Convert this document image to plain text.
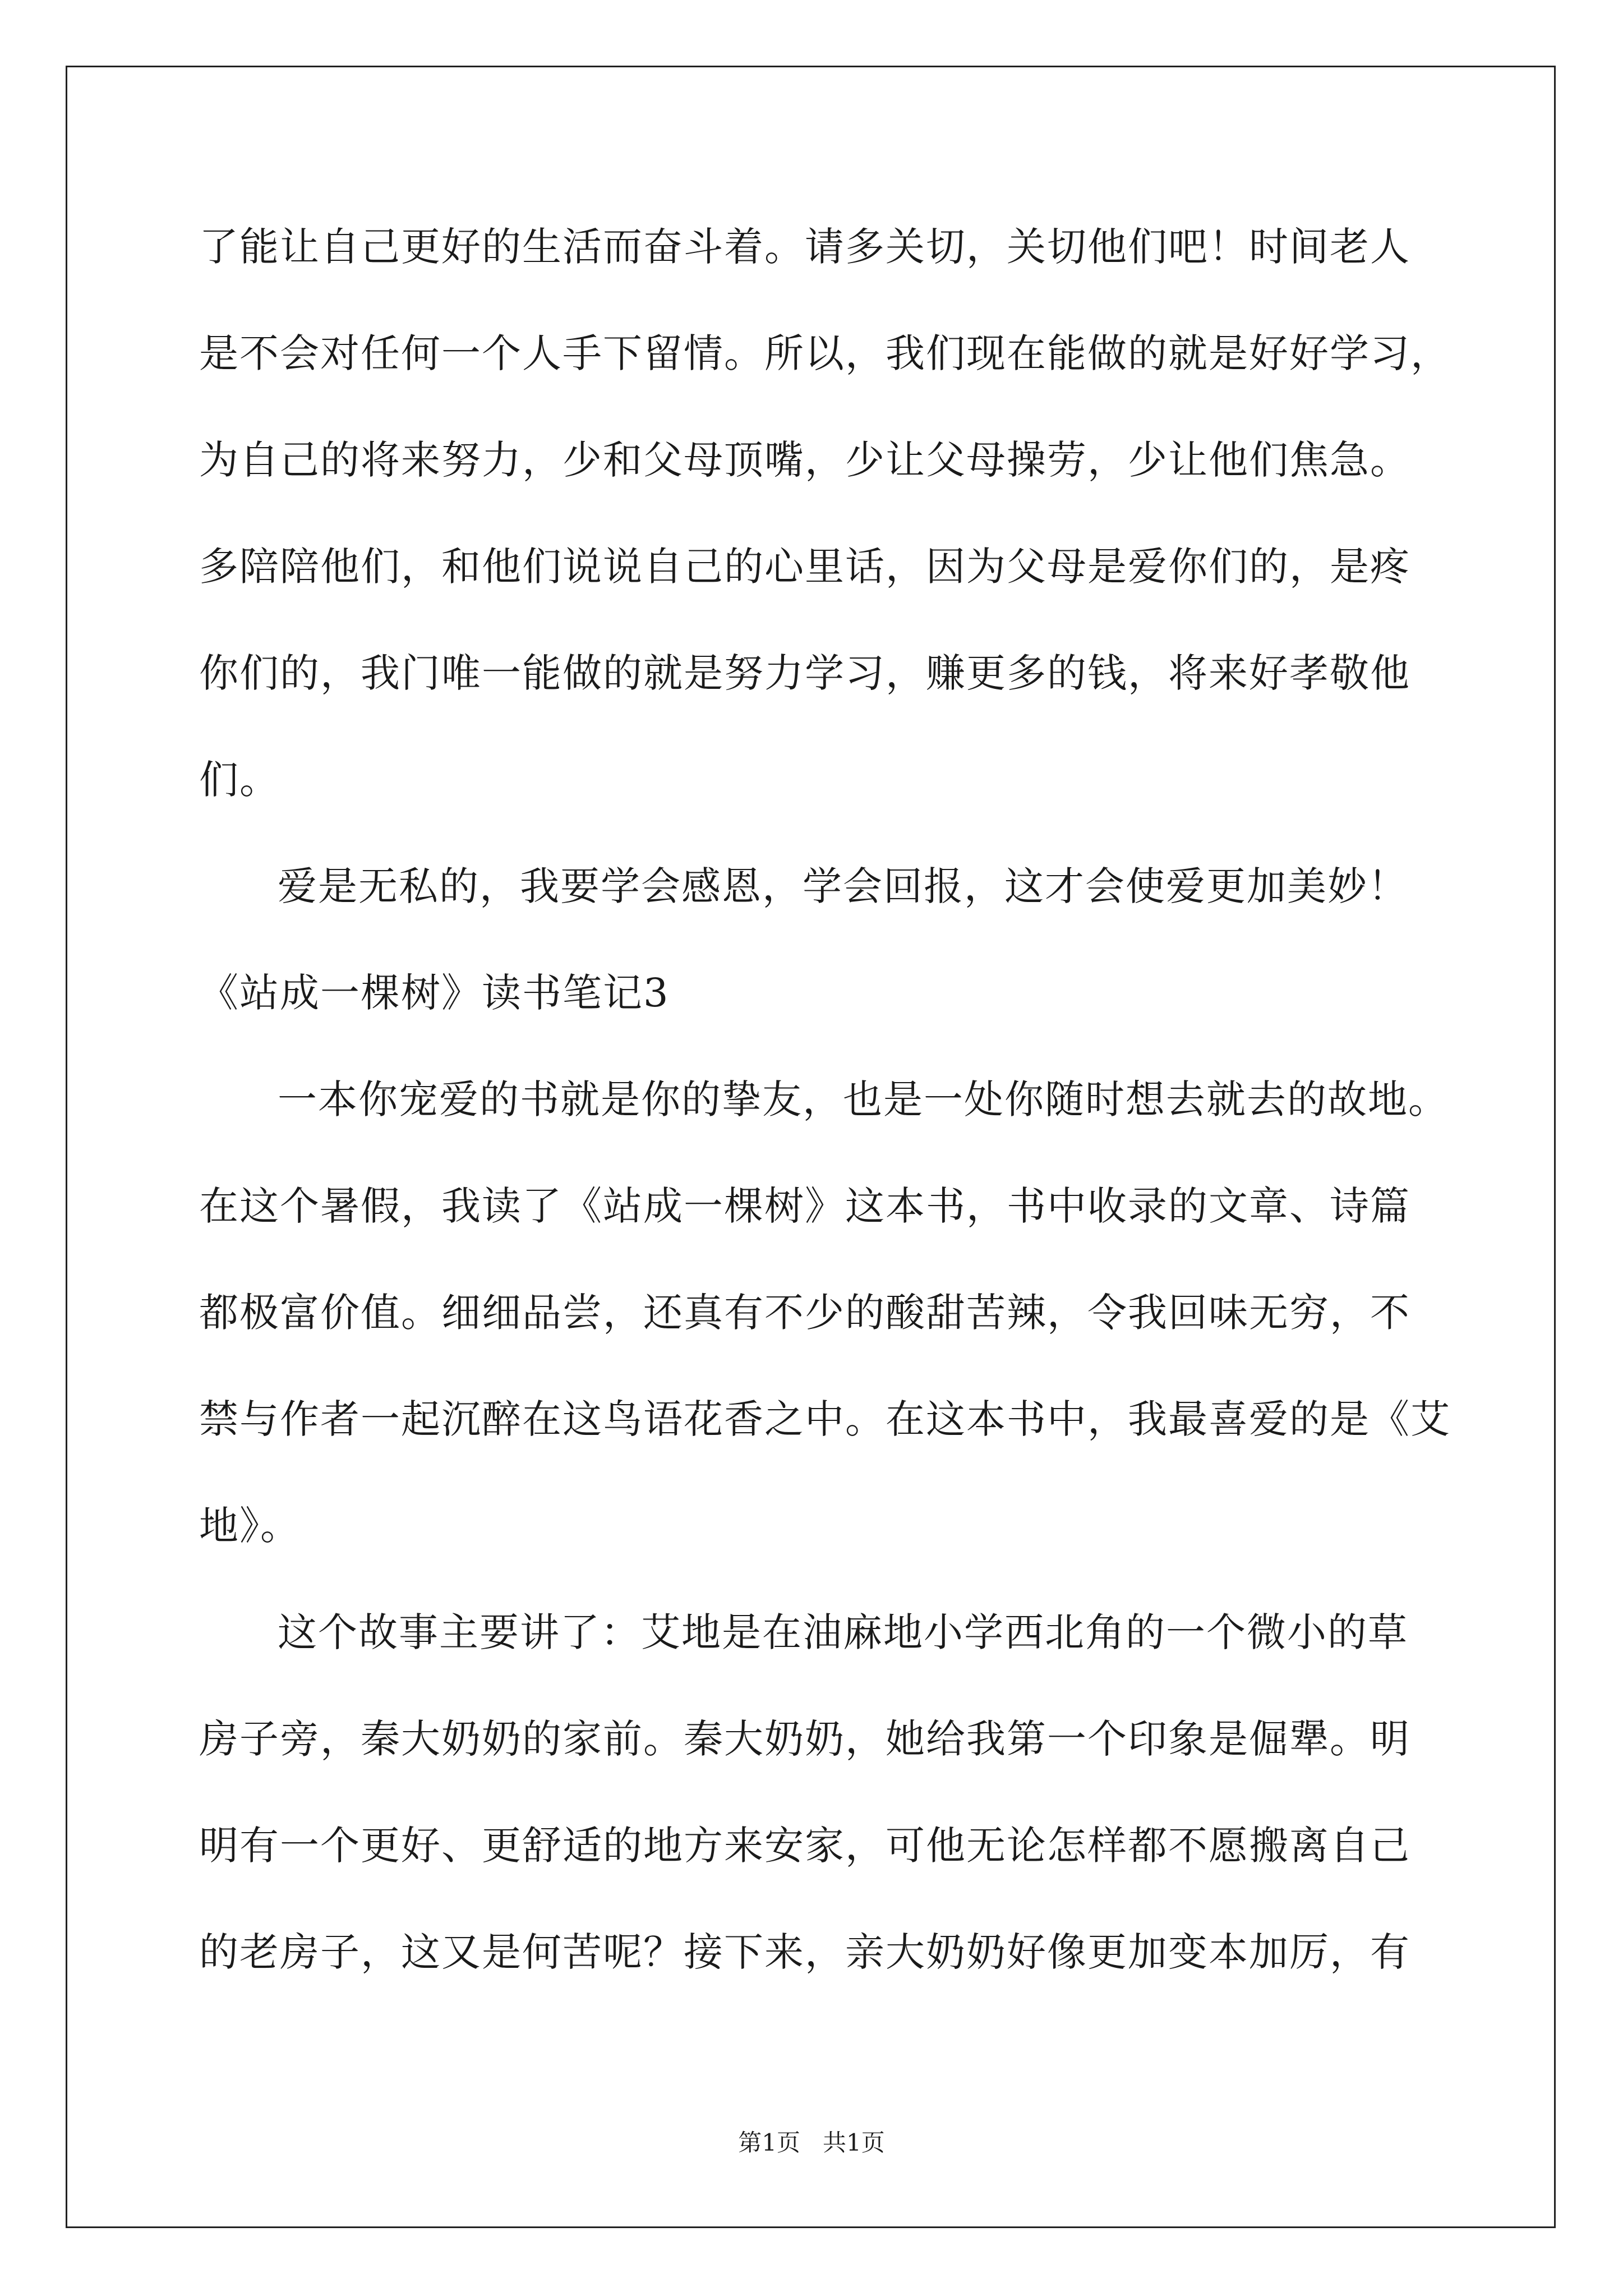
了能让自己更好的生活而奋斗着。请多关切，关切他们吧！时间老人
是不会对任何一个人手下留情。所以，我们现在能做的就是好好学习，
为自己的将来努力，少和父母顶嘴，少让父母操劳，少让他们焦急。
多陪陪他们，和他们说说自己的心里话，因为父母是爱你们的，是疼
你们的，我门唯一能做的就是努力学习，赚更多的钱，将来好孝敬他
们。
爱是无私的，我要学会感恩，学会回报，这才会使爱更加美妙！
《站成一棵树》读书笔记3
一本你宠爱的书就是你的挚友，也是一处你随时想去就去的故地。
在这个暑假，我读了《站成一棵树》这本书，书中收录的文章、诗篇
都极富价值。细细品尝，还真有不少的酸甜苦辣，令我回味无穷，不
禁与作者一起沉醉在这鸟语花香之中。在这本书中，我最喜爱的是《艾
地》。
这个故事主要讲了：艾地是在油麻地小学西北角的一个微小的草
房子旁，秦大奶奶的家前。秦大奶奶，她给我第一个印象是倔犟。明
明有一个更好、更舒适的地方来安家，可他无论怎样都不愿搬离自己
的老房子，这又是何苦呢？接下来，亲大奶奶好像更加变本加厉，有
第1页 共1页
